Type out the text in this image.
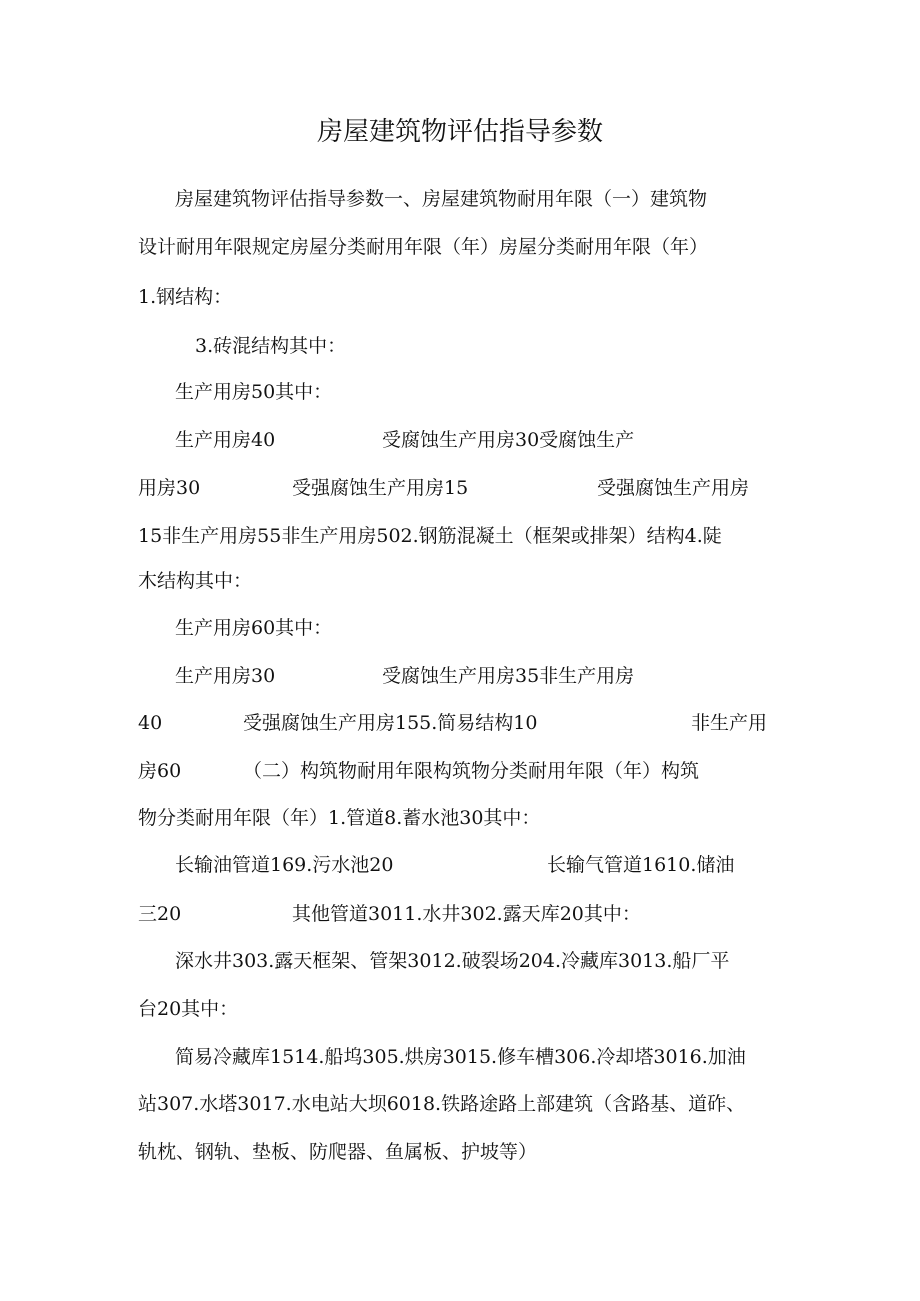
房屋建筑物评估指导参数
房屋建筑物评估指导参数一、房屋建筑物耐用年限（一）建筑物
设计耐用年限规定房屋分类耐用年限（年）房屋分类耐用年限（年）
1.钢结构：
3.砖混结构其中：
生产用房50其中：
生产用房40	受腐蚀生产用房30受腐蚀生产
用房30	受强腐蚀生产用房15	受强腐蚀生产用房
15非生产用房55非生产用房502.钢筋混凝土（框架或排架）结构4.陡
木结构其中：
生产用房60其中：
生产用房30	受腐蚀生产用房35非生产用房
40	受强腐蚀生产用房155.简易结构10	非生产用
房60	（二）构筑物耐用年限构筑物分类耐用年限（年）构筑
物分类耐用年限（年）1.管道8.蓄水池30其中：
长输油管道169.污水池20	长输气管道1610.储油
三20	其他管道3011.水井302.露天库20其中：
深水井303.露天框架、管架3012.破裂场204.冷藏库3013.船厂平
台20其中：
简易冷藏库1514.船坞305.烘房3015.修车槽306.冷却塔3016.加油
站307.水塔3017.水电站大坝6018.铁路途路上部建筑（含路基、道砟、
轨枕、钢轨、垫板、防爬器、鱼属板、护坡等）
